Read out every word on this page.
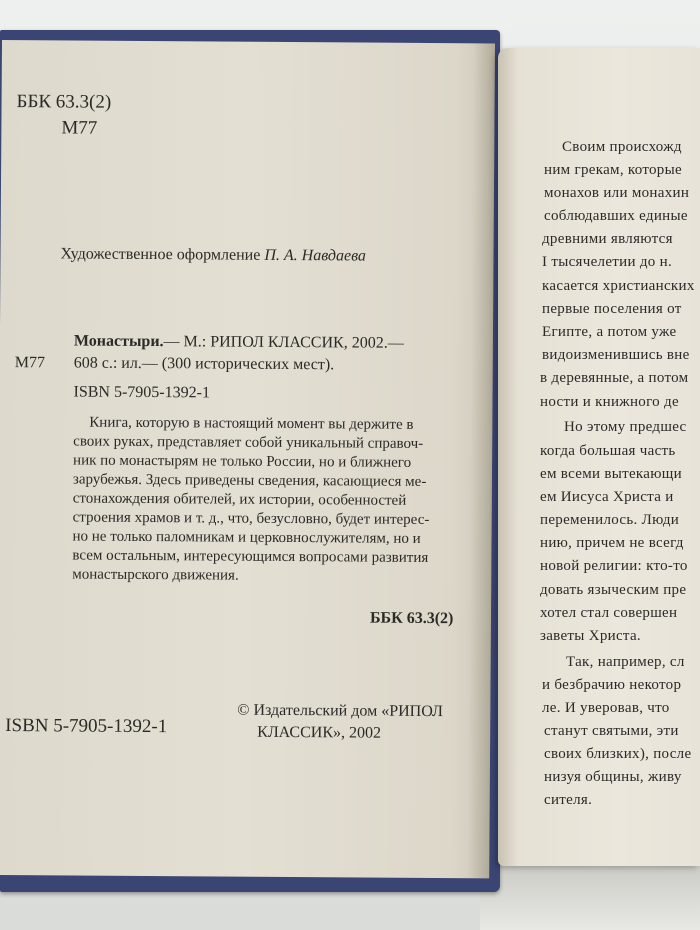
ББК 63.3(2)
М77
Художественное оформление П. А. Навдаева
Монастыри.— М.: РИПОЛ КЛАССИК, 2002.—
М77 608 с.: ил.— (300 исторических мест).
ISBN 5-7905-1392-1
Книга, которую в настоящий момент вы держите в
своих руках, представляет собой уникальный справоч-
ник по монастырям не только России, но и ближнего
зарубежья. Здесь приведены сведения, касающиеся ме-
стонахождения обителей, их истории, особенностей
строения храмов и т. д., что, безусловно, будет интерес-
но не только паломникам и церковнослужителям, но и
всем остальным, интересующимся вопросами развития
монастырского движения.
ББК 63.3(2)
ISBN 5-7905-1392-1
© Издательский дом «РИПОЛ
КЛАССИК», 2002
Своим происхожд
ним грекам, которые
монахов или монахин
соблюдавших единые
древними являются
I тысячелетии до н.
касается христианских
первые поселения от
Египте, а потом уже
видоизменившись вне
в деревянные, а потом
ности и книжного де
Но этому предшес
когда большая часть
ем всеми вытекающи
ем Иисуса Христа и
переменилось. Люди
нию, причем не всегд
новой религии: кто-то
довать языческим пре
хотел стал совершен
заветы Христа.
Так, например, сл
и безбрачию некотор
ле. И уверовав, что
станут святыми, эти
своих близких), после
низуя общины, живу
сителя.
